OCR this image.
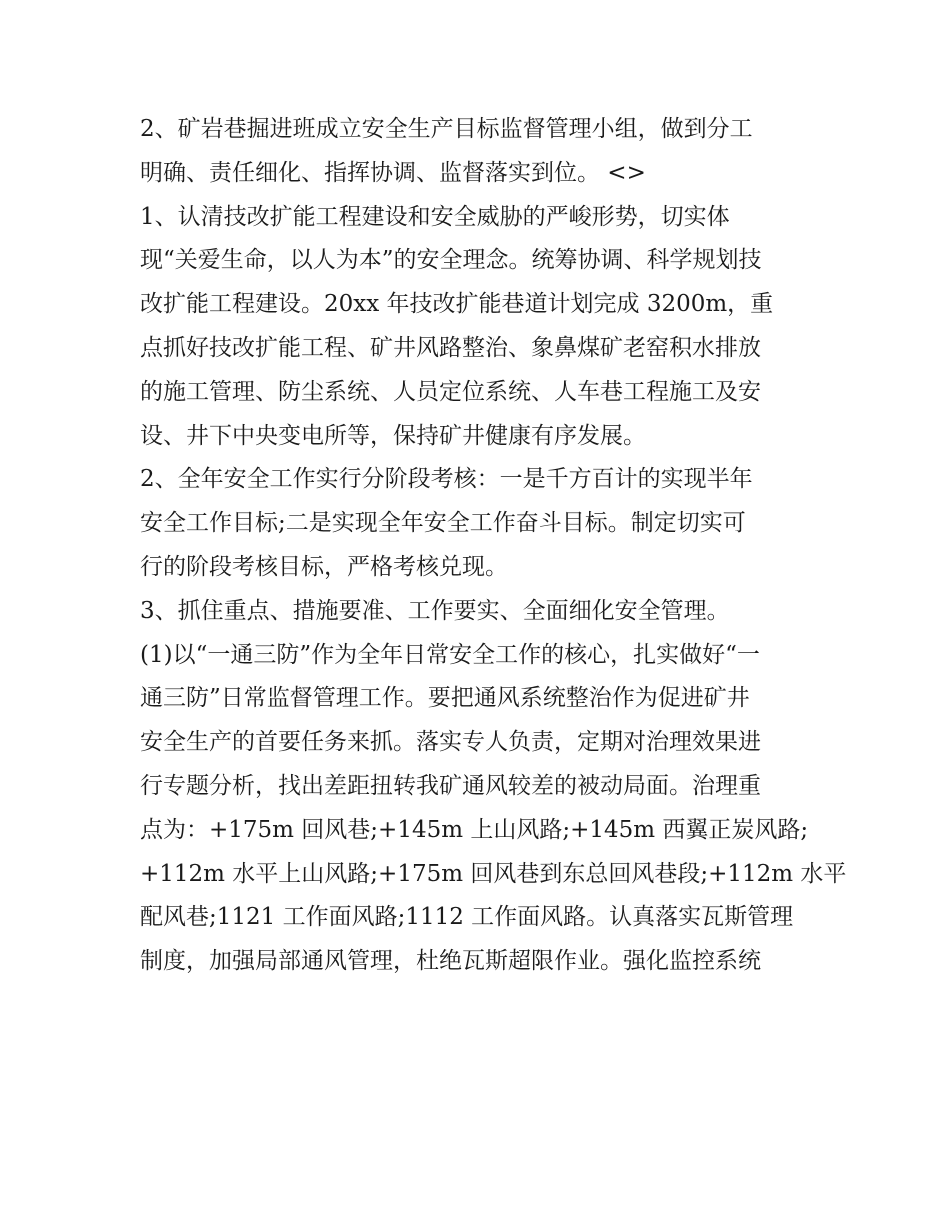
2、矿岩巷掘进班成立安全生产目标监督管理小组，做到分工
明确、责任细化、指挥协调、监督落实到位。 <>
1、认清技改扩能工程建设和安全威胁的严峻形势，切实体
现“关爱生命，以人为本”的安全理念。统筹协调、科学规划技
改扩能工程建设。20xx 年技改扩能巷道计划完成 3200m，重
点抓好技改扩能工程、矿井风路整治、象鼻煤矿老窑积水排放
的施工管理、防尘系统、人员定位系统、人车巷工程施工及安
设、井下中央变电所等，保持矿井健康有序发展。
2、全年安全工作实行分阶段考核：一是千方百计的实现半年
安全工作目标;二是实现全年安全工作奋斗目标。制定切实可
行的阶段考核目标，严格考核兑现。
3、抓住重点、措施要准、工作要实、全面细化安全管理。
(1)以“一通三防”作为全年日常安全工作的核心，扎实做好“一
通三防”日常监督管理工作。要把通风系统整治作为促进矿井
安全生产的首要任务来抓。落实专人负责，定期对治理效果进
行专题分析，找出差距扭转我矿通风较差的被动局面。治理重
点为：+175m 回风巷;+145m 上山风路;+145m 西翼正炭风路;
+112m 水平上山风路;+175m 回风巷到东总回风巷段;+112m 水平
配风巷;1121 工作面风路;1112 工作面风路。认真落实瓦斯管理
制度，加强局部通风管理，杜绝瓦斯超限作业。强化监控系统
